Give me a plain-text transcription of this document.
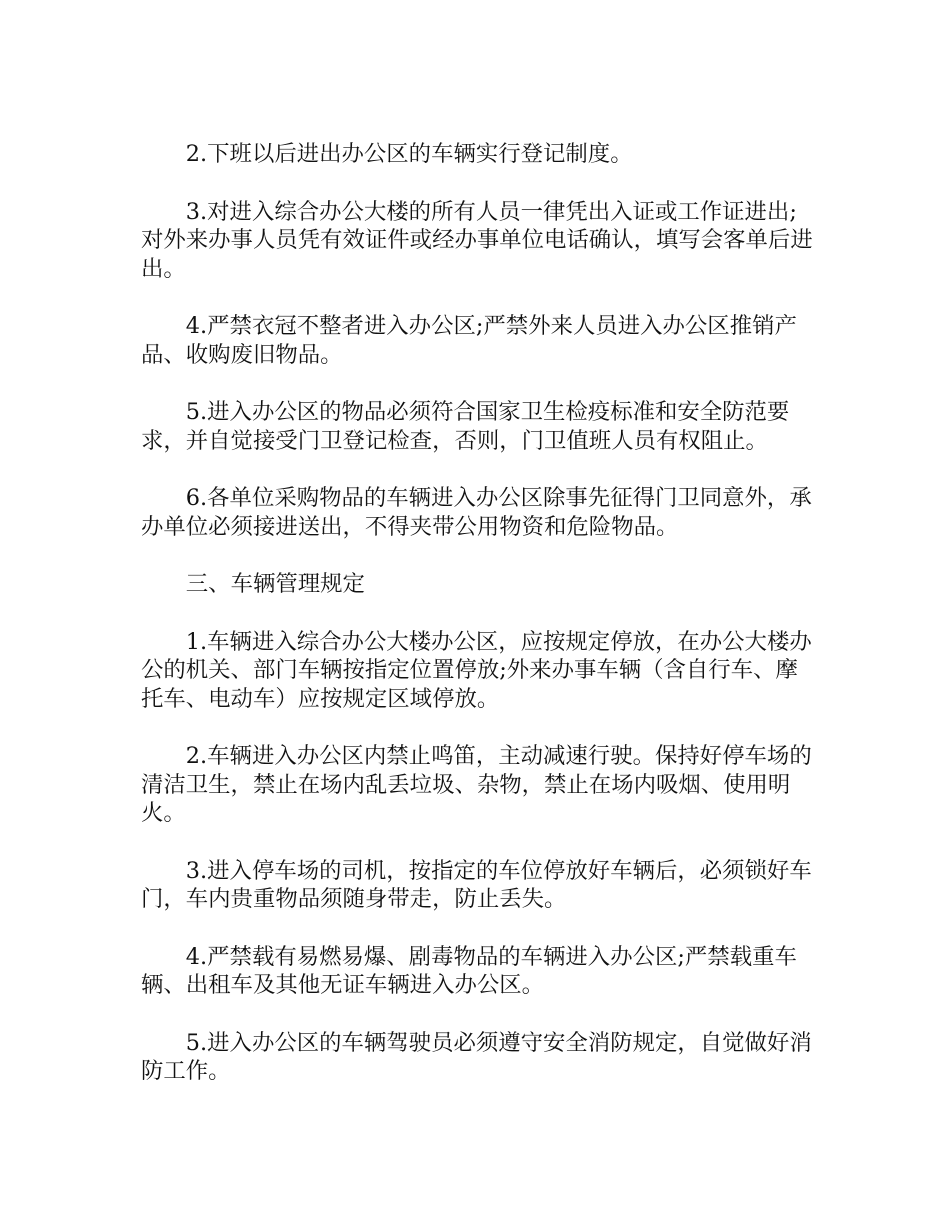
2.下班以后进出办公区的车辆实行登记制度。

3.对进入综合办公大楼的所有人员一律凭出入证或工作证进出;对外来办事人员凭有效证件或经办事单位电话确认，填写会客单后进出。

4.严禁衣冠不整者进入办公区;严禁外来人员进入办公区推销产品、收购废旧物品。

5.进入办公区的物品必须符合国家卫生检疫标准和安全防范要求，并自觉接受门卫登记检查，否则，门卫值班人员有权阻止。

6.各单位采购物品的车辆进入办公区除事先征得门卫同意外，承办单位必须接进送出，不得夹带公用物资和危险物品。

三、车辆管理规定

1.车辆进入综合办公大楼办公区，应按规定停放，在办公大楼办公的机关、部门车辆按指定位置停放;外来办事车辆（含自行车、摩托车、电动车）应按规定区域停放。

2.车辆进入办公区内禁止鸣笛，主动减速行驶。保持好停车场的清洁卫生，禁止在场内乱丢垃圾、杂物，禁止在场内吸烟、使用明火。

3.进入停车场的司机，按指定的车位停放好车辆后，必须锁好车门，车内贵重物品须随身带走，防止丢失。

4.严禁载有易燃易爆、剧毒物品的车辆进入办公区;严禁载重车辆、出租车及其他无证车辆进入办公区。

5.进入办公区的车辆驾驶员必须遵守安全消防规定，自觉做好消防工作。
